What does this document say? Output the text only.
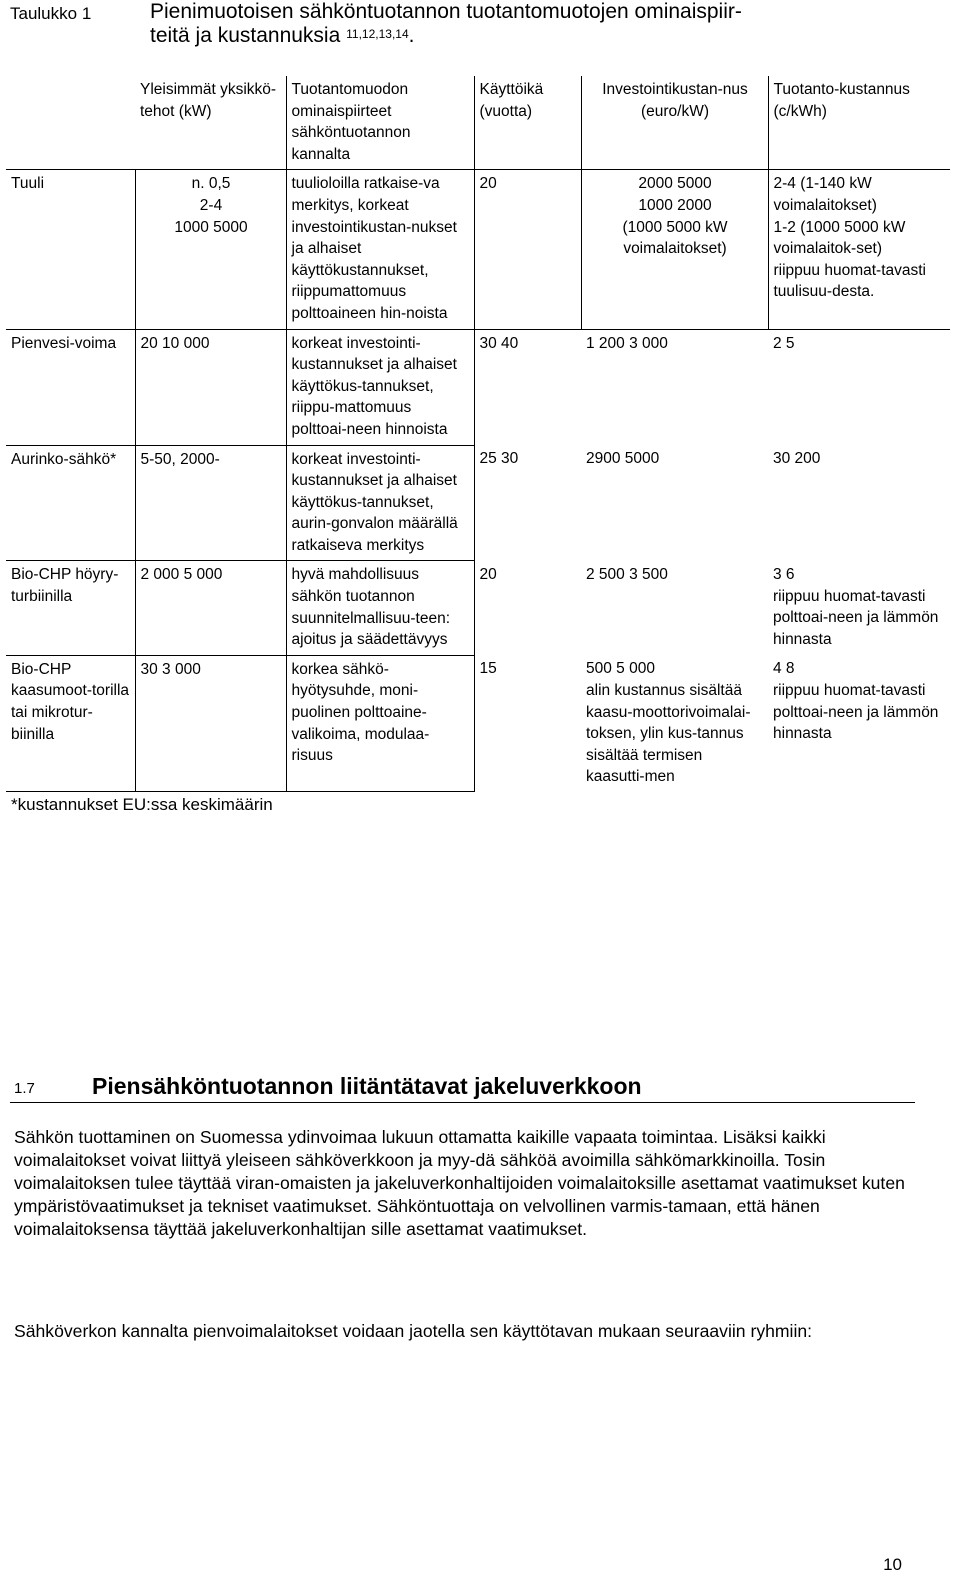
Taulukko 1	Pienimuotoisen sähköntuotannon tuotantomuotojen ominaispiir-
teitä ja kustannuksia $^{11,12,13,14}$.
	Yleisimmät yksikkö-tehot (kW)	Tuotantomuodon ominaispiirteet sähköntuotannon kannalta	Käyttöikä (vuotta)	Investointikustan-nus (euro/kW)	Tuotanto-kustannus (c/kWh)
Tuuli	n. 0,5
2-4
1000 5000	tuulioloilla ratkaise-va merkitys, korkeat investointikustan-nukset ja alhaiset käyttökustannukset, riippumattomuus polttoaineen hin-noista	20	2000 5000
1000 2000
(1000 5000 kW voimalaitokset)	2-4 (1-140 kW voimalaitokset)
1-2 (1000 5000 kW voimalaitok-set)
riippuu huomat-tavasti tuulisuu-desta.
Pienvesi-voima	20 10 000	korkeat investointi-kustannukset ja alhaiset käyttökus-tannukset, riippu-mattomuus polttoai-neen hinnoista	30 40	1 200 3 000	2 5
Aurinko-sähkö*	5-50, 2000-	korkeat investointi-kustannukset ja alhaiset käyttökus-tannukset, aurin-gonvalon määrällä ratkaiseva merkitys	25 30	2900 5000	30 200
Bio-CHP höyry-turbiinilla	2 000 5 000	hyvä mahdollisuus sähkön tuotannon suunnitelmallisuu-teen: ajoitus ja säädettävyys	20	2 500 3 500	3 6
riippuu huomat-tavasti polttoai-neen ja lämmön hinnasta
Bio-CHP kaasumoot-torilla tai mikrotur-biinilla	30 3 000	korkea sähkö-hyötysuhde, moni-puolinen polttoaine-valikoima, modulaa-risuus	15	500 5 000
alin kustannus sisältää kaasu-moottorivoimalai-toksen, ylin kus-tannus sisältää termisen kaasutti-men	4 8
riippuu huomat-tavasti polttoai-neen ja lämmön hinnasta
*kustannukset EU:ssa keskimäärin					
1.7 Piensähköntuotannon liitäntätavat jakeluverkkoon
Sähkön tuottaminen on Suomessa ydinvoimaa lukuun ottamatta kaikille vapaata toimintaa. Lisäksi kaikki voimalaitokset voivat liittyä yleiseen sähköverkkoon ja myy-dä sähköä avoimilla sähkömarkkinoilla. Tosin voimalaitoksen tulee täyttää viran-omaisten ja jakeluverkonhaltijoiden voimalaitoksille asettamat vaatimukset kuten ympäristövaatimukset ja tekniset vaatimukset. Sähköntuottaja on velvollinen varmis-tamaan, että hänen voimalaitoksensa täyttää jakeluverkonhaltijan sille asettamat vaatimukset.
Sähköverkon kannalta pienvoimalaitokset voidaan jaotella sen käyttötavan mukaan seuraaviin ryhmiin:
10
